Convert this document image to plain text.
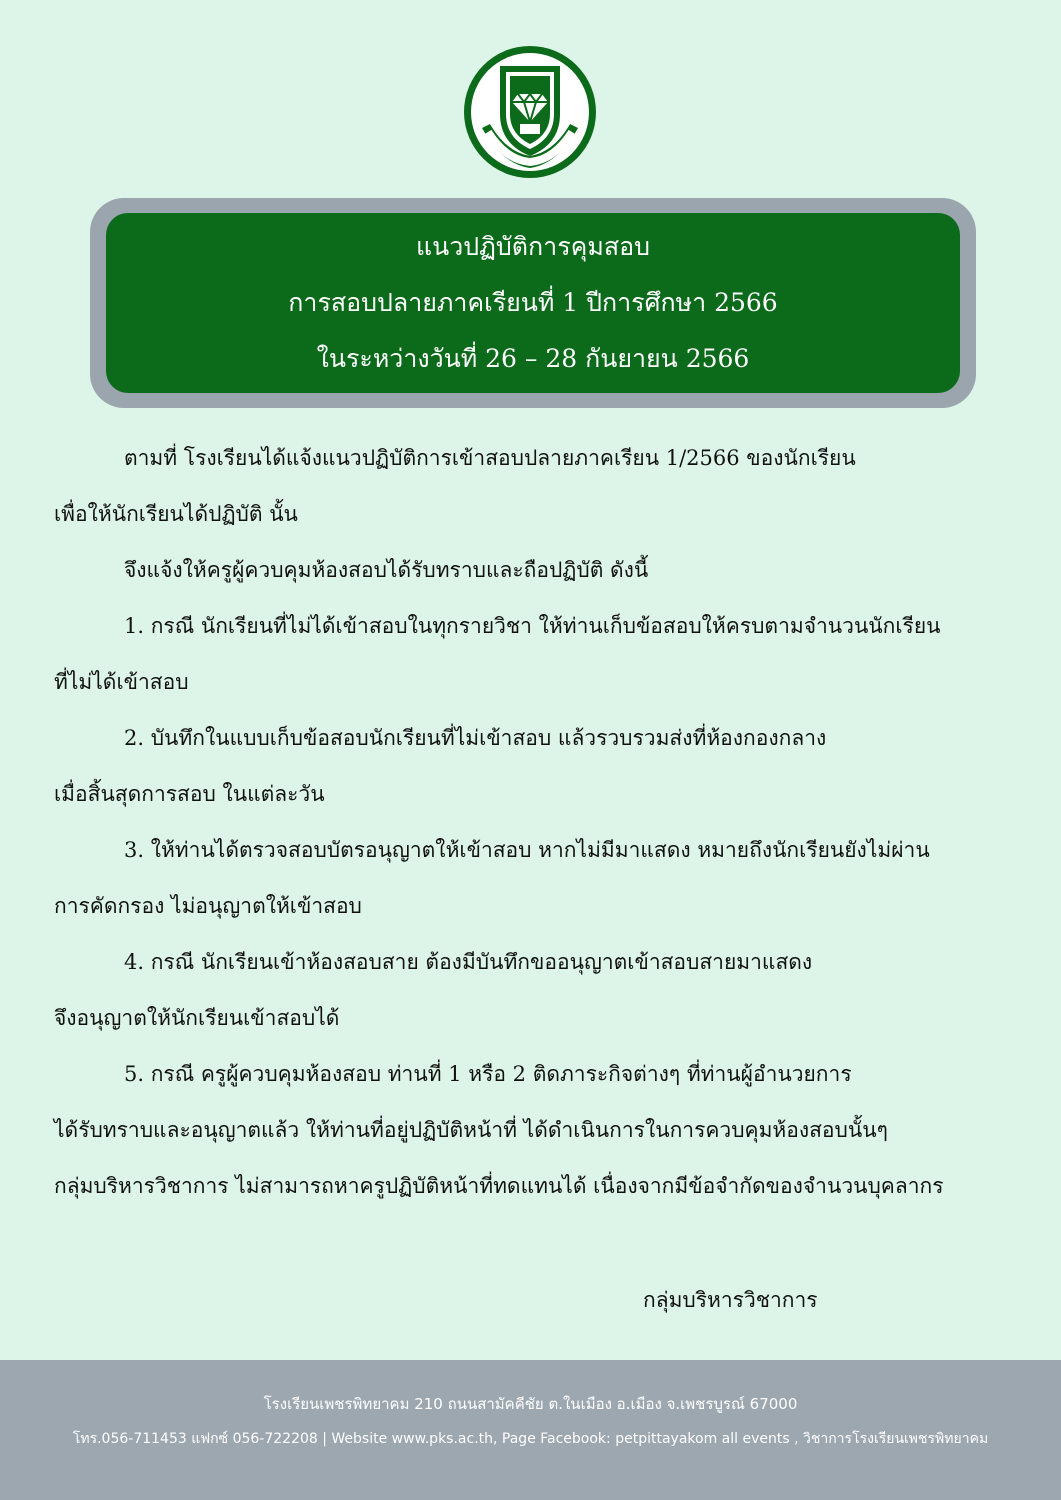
แนวปฏิบัติการคุมสอบ
การสอบปลายภาคเรียนที่ 1 ปีการศึกษา 2566
ในระหว่างวันที่ 26 – 28 กันยายน 2566
ตามที่ โรงเรียนได้แจ้งแนวปฏิบัติการเข้าสอบปลายภาคเรียน 1/2566 ของนักเรียน
เพื่อให้นักเรียนได้ปฏิบัติ นั้น
จึงแจ้งให้ครูผู้ควบคุมห้องสอบได้รับทราบและถือปฏิบัติ ดังนี้
1. กรณี นักเรียนที่ไม่ได้เข้าสอบในทุกรายวิชา ให้ท่านเก็บข้อสอบให้ครบตามจำนวนนักเรียน
ที่ไม่ได้เข้าสอบ
2. บันทึกในแบบเก็บข้อสอบนักเรียนที่ไม่เข้าสอบ แล้วรวบรวมส่งที่ห้องกองกลาง
เมื่อสิ้นสุดการสอบ ในแต่ละวัน
3. ให้ท่านได้ตรวจสอบบัตรอนุญาตให้เข้าสอบ หากไม่มีมาแสดง หมายถึงนักเรียนยังไม่ผ่าน
การคัดกรอง ไม่อนุญาตให้เข้าสอบ
4. กรณี นักเรียนเข้าห้องสอบสาย ต้องมีบันทึกขออนุญาตเข้าสอบสายมาแสดง
จึงอนุญาตให้นักเรียนเข้าสอบได้
5. กรณี ครูผู้ควบคุมห้องสอบ ท่านที่ 1 หรือ 2 ติดภาระกิจต่างๆ ที่ท่านผู้อำนวยการ
ได้รับทราบและอนุญาตแล้ว ให้ท่านที่อยู่ปฏิบัติหน้าที่ ได้ดำเนินการในการควบคุมห้องสอบนั้นๆ
กลุ่มบริหารวิชาการ ไม่สามารถหาครูปฏิบัติหน้าที่ทดแทนได้ เนื่องจากมีข้อจำกัดของจำนวนบุคลากร
กลุ่มบริหารวิชาการ
โรงเรียนเพชรพิทยาคม 210 ถนนสามัคคีชัย ต.ในเมือง อ.เมือง จ.เพชรบูรณ์ 67000
โทร.056-711453 แฟกซ์ 056-722208 | Website www.pks.ac.th, Page Facebook: petpittayakom all events , วิชาการโรงเรียนเพชรพิทยาคม
